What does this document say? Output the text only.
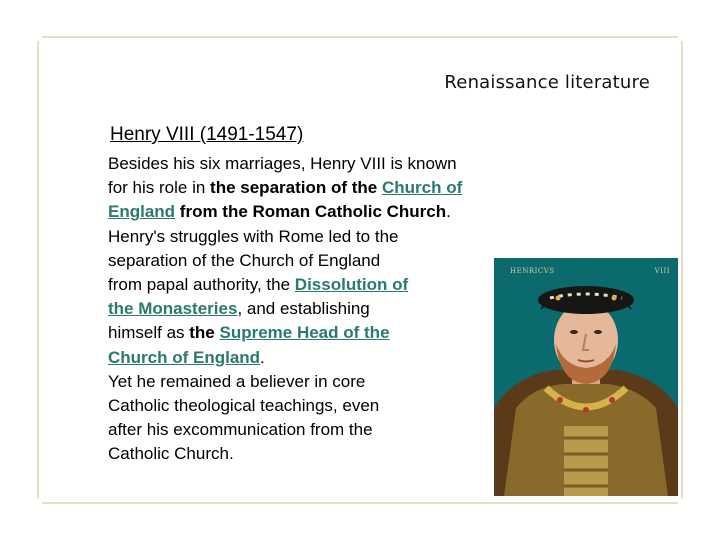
Renaissance literature
Henry VIII (1491-1547)
Besides his six marriages, Henry VIII is known
for his role in the separation of the Church of
England from the Roman Catholic Church.
Henry's struggles with Rome led to the
separation of the Church of England
from papal authority, the Dissolution of
the Monasteries, and establishing
himself as the Supreme Head of the
Church of England.
Yet he remained a believer in core
Catholic theological teachings, even
after his excommunication from the
Catholic Church.
HENRICVS	VIII
